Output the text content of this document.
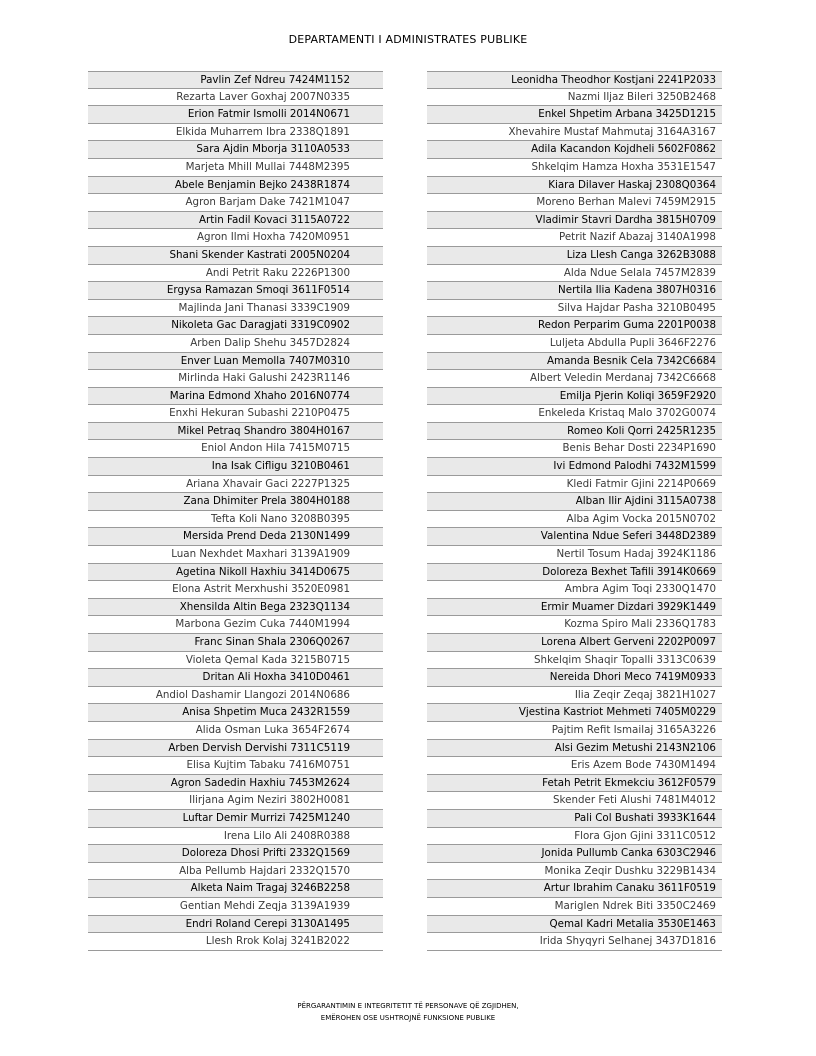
DEPARTAMENTI I ADMINISTRATES PUBLIKE
Pavlin Zef Ndreu 7424M1152
Rezarta Laver Goxhaj 2007N0335
Erion Fatmir Ismolli 2014N0671
Elkida Muharrem Ibra 2338Q1891
Sara Ajdin Mborja 3110A0533
Marjeta Mhill Mullai 7448M2395
Abele Benjamin Bejko 2438R1874
Agron Barjam Dake 7421M1047
Artin Fadil Kovaci 3115A0722
Agron Ilmi Hoxha 7420M0951
Shani Skender Kastrati 2005N0204
Andi Petrit Raku 2226P1300
Ergysa Ramazan Smoqi 3611F0514
Majlinda Jani Thanasi 3339C1909
Nikoleta Gac Daragjati 3319C0902
Arben Dalip Shehu 3457D2824
Enver Luan Memolla 7407M0310
Mirlinda Haki Galushi 2423R1146
Marina Edmond Xhaho 2016N0774
Enxhi Hekuran Subashi 2210P0475
Mikel Petraq Shandro 3804H0167
Eniol Andon Hila 7415M0715
Ina Isak Cifligu 3210B0461
Ariana Xhavair Gaci 2227P1325
Zana Dhimiter Prela 3804H0188
Tefta Koli Nano 3208B0395
Mersida Prend Deda 2130N1499
Luan Nexhdet Maxhari 3139A1909
Agetina Nikoll Haxhiu 3414D0675
Elona Astrit Merxhushi 3520E0981
Xhensilda Altin Bega 2323Q1134
Marbona Gezim Cuka 7440M1994
Franc Sinan Shala 2306Q0267
Violeta Qemal Kada 3215B0715
Dritan Ali Hoxha 3410D0461
Andiol Dashamir Llangozi 2014N0686
Anisa Shpetim Muca 2432R1559
Alida Osman Luka 3654F2674
Arben Dervish Dervishi 7311C5119
Elisa Kujtim Tabaku 7416M0751
Agron Sadedin Haxhiu 7453M2624
Ilirjana Agim Neziri 3802H0081
Luftar Demir Murrizi 7425M1240
Irena Lilo Ali 2408R0388
Doloreza Dhosi Prifti 2332Q1569
Alba Pellumb Hajdari 2332Q1570
Alketa Naim Tragaj 3246B2258
Gentian Mehdi Zeqja 3139A1939
Endri Roland Cerepi 3130A1495
Llesh Rrok Kolaj 3241B2022
Leonidha Theodhor Kostjani 2241P2033
Nazmi Iljaz Bileri 3250B2468
Enkel Shpetim Arbana 3425D1215
Xhevahire Mustaf Mahmutaj 3164A3167
Adila Kacandon Kojdheli 5602F0862
Shkelqim Hamza Hoxha 3531E1547
Kiara Dilaver Haskaj 2308Q0364
Moreno Berhan Malevi 7459M2915
Vladimir Stavri Dardha 3815H0709
Petrit Nazif Abazaj 3140A1998
Liza Llesh Canga 3262B3088
Alda Ndue Selala 7457M2839
Nertila Ilia Kadena 3807H0316
Silva Hajdar Pasha 3210B0495
Redon Perparim Guma 2201P0038
Luljeta Abdulla Pupli 3646F2276
Amanda Besnik Cela 7342C6684
Albert Veledin Merdanaj 7342C6668
Emilja Pjerin Koliqi 3659F2920
Enkeleda Kristaq Malo 3702G0074
Romeo Koli Qorri 2425R1235
Benis Behar Dosti 2234P1690
Ivi Edmond Palodhi 7432M1599
Kledi Fatmir Gjini 2214P0669
Alban Ilir Ajdini 3115A0738
Alba Agim Vocka 2015N0702
Valentina Ndue Seferi 3448D2389
Nertil Tosum Hadaj 3924K1186
Doloreza Bexhet Tafili 3914K0669
Ambra Agim Toqi 2330Q1470
Ermir Muamer Dizdari 3929K1449
Kozma Spiro Mali 2336Q1783
Lorena Albert Gerveni 2202P0097
Shkelqim Shaqir Topalli 3313C0639
Nereida Dhori Meco 7419M0933
Ilia Zeqir Zeqaj 3821H1027
Vjestina Kastriot Mehmeti 7405M0229
Pajtim Refit Ismailaj 3165A3226
Alsi Gezim Metushi 2143N2106
Eris Azem Bode 7430M1494
Fetah Petrit Ekmekciu 3612F0579
Skender Feti Alushi 7481M4012
Pali Col Bushati 3933K1644
Flora Gjon Gjini 3311C0512
Jonida Pullumb Canka 6303C2946
Monika Zeqir Dushku 3229B1434
Artur Ibrahim Canaku 3611F0519
Mariglen Ndrek Biti 3350C2469
Qemal Kadri Metalia 3530E1463
Irida Shyqyri Selhanej 3437D1816
PËRGARANTIMIN E INTEGRITETIT TË PERSONAVE QË ZGJIDHEN,
EMËROHEN OSE USHTROJNË FUNKSIONE PUBLIKE
